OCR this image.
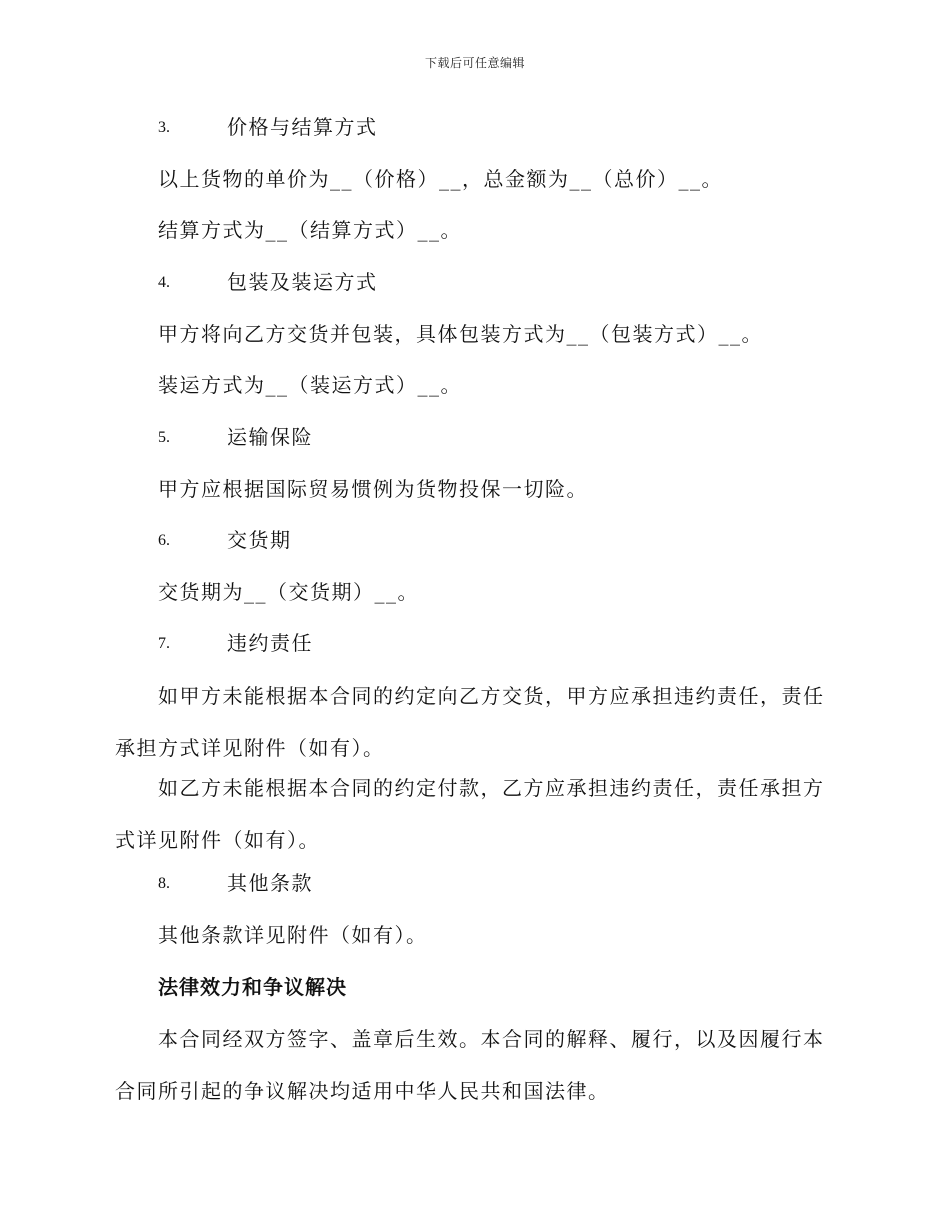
下载后可任意编辑
3.	价格与结算方式
以上货物的单价为__（价格）__，总金额为__（总价）__。
结算方式为__（结算方式）__。
4.	包装及装运方式
甲方将向乙方交货并包装，具体包装方式为__（包装方式）__。
装运方式为__（装运方式）__。
5.	运输保险
甲方应根据国际贸易惯例为货物投保一切险。
6.	交货期
交货期为__（交货期）__。
7.	违约责任
如甲方未能根据本合同的约定向乙方交货，甲方应承担违约责任，责任
承担方式详见附件（如有）。
如乙方未能根据本合同的约定付款，乙方应承担违约责任，责任承担方
式详见附件（如有）。
8.	其他条款
其他条款详见附件（如有）。
法律效力和争议解决
本合同经双方签字、盖章后生效。本合同的解释、履行，以及因履行本
合同所引起的争议解决均适用中华人民共和国法律。
